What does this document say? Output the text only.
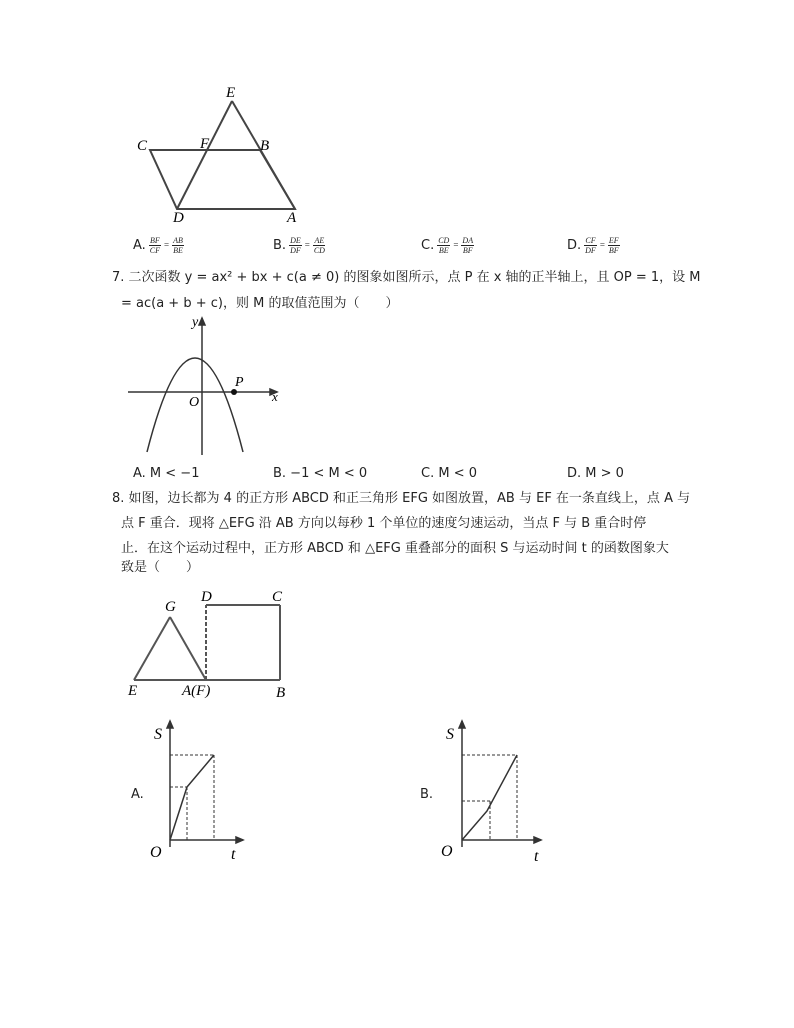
E
C	F	B
D	A
A. $\frac{BF}{CF} = \frac{AB}{BE}$	B. $\frac{DE}{DF} = \frac{AE}{CD}$	C. $\frac{CD}{BE} = \frac{DA}{BF}$	D. $\frac{CF}{DF} = \frac{EF}{BF}$
7. 二次函数 y = ax² + bx + c(a ≠ 0) 的图象如图所示，点 P 在 x 轴的正半轴上，且 OP = 1，设 M
= ac(a + b + c)，则 M 的取值范围为（　　）
y
x
O
P
A. M < −1	B. −1 < M < 0	C. M < 0	D. M > 0
8. 如图，边长都为 4 的正方形 ABCD 和正三角形 EFG 如图放置，AB 与 EF 在一条直线上，点 A 与
点 F 重合．现将 △EFG 沿 AB 方向以每秒 1 个单位的速度匀速运动，当点 F 与 B 重合时停
止．在这个运动过程中，正方形 ABCD 和 △EFG 重叠部分的面积 S 与运动时间 t 的函数图象大
致是（　　）
G
D	C
E	A(F)	B
A.
S
O	t
B.
S
O	t
